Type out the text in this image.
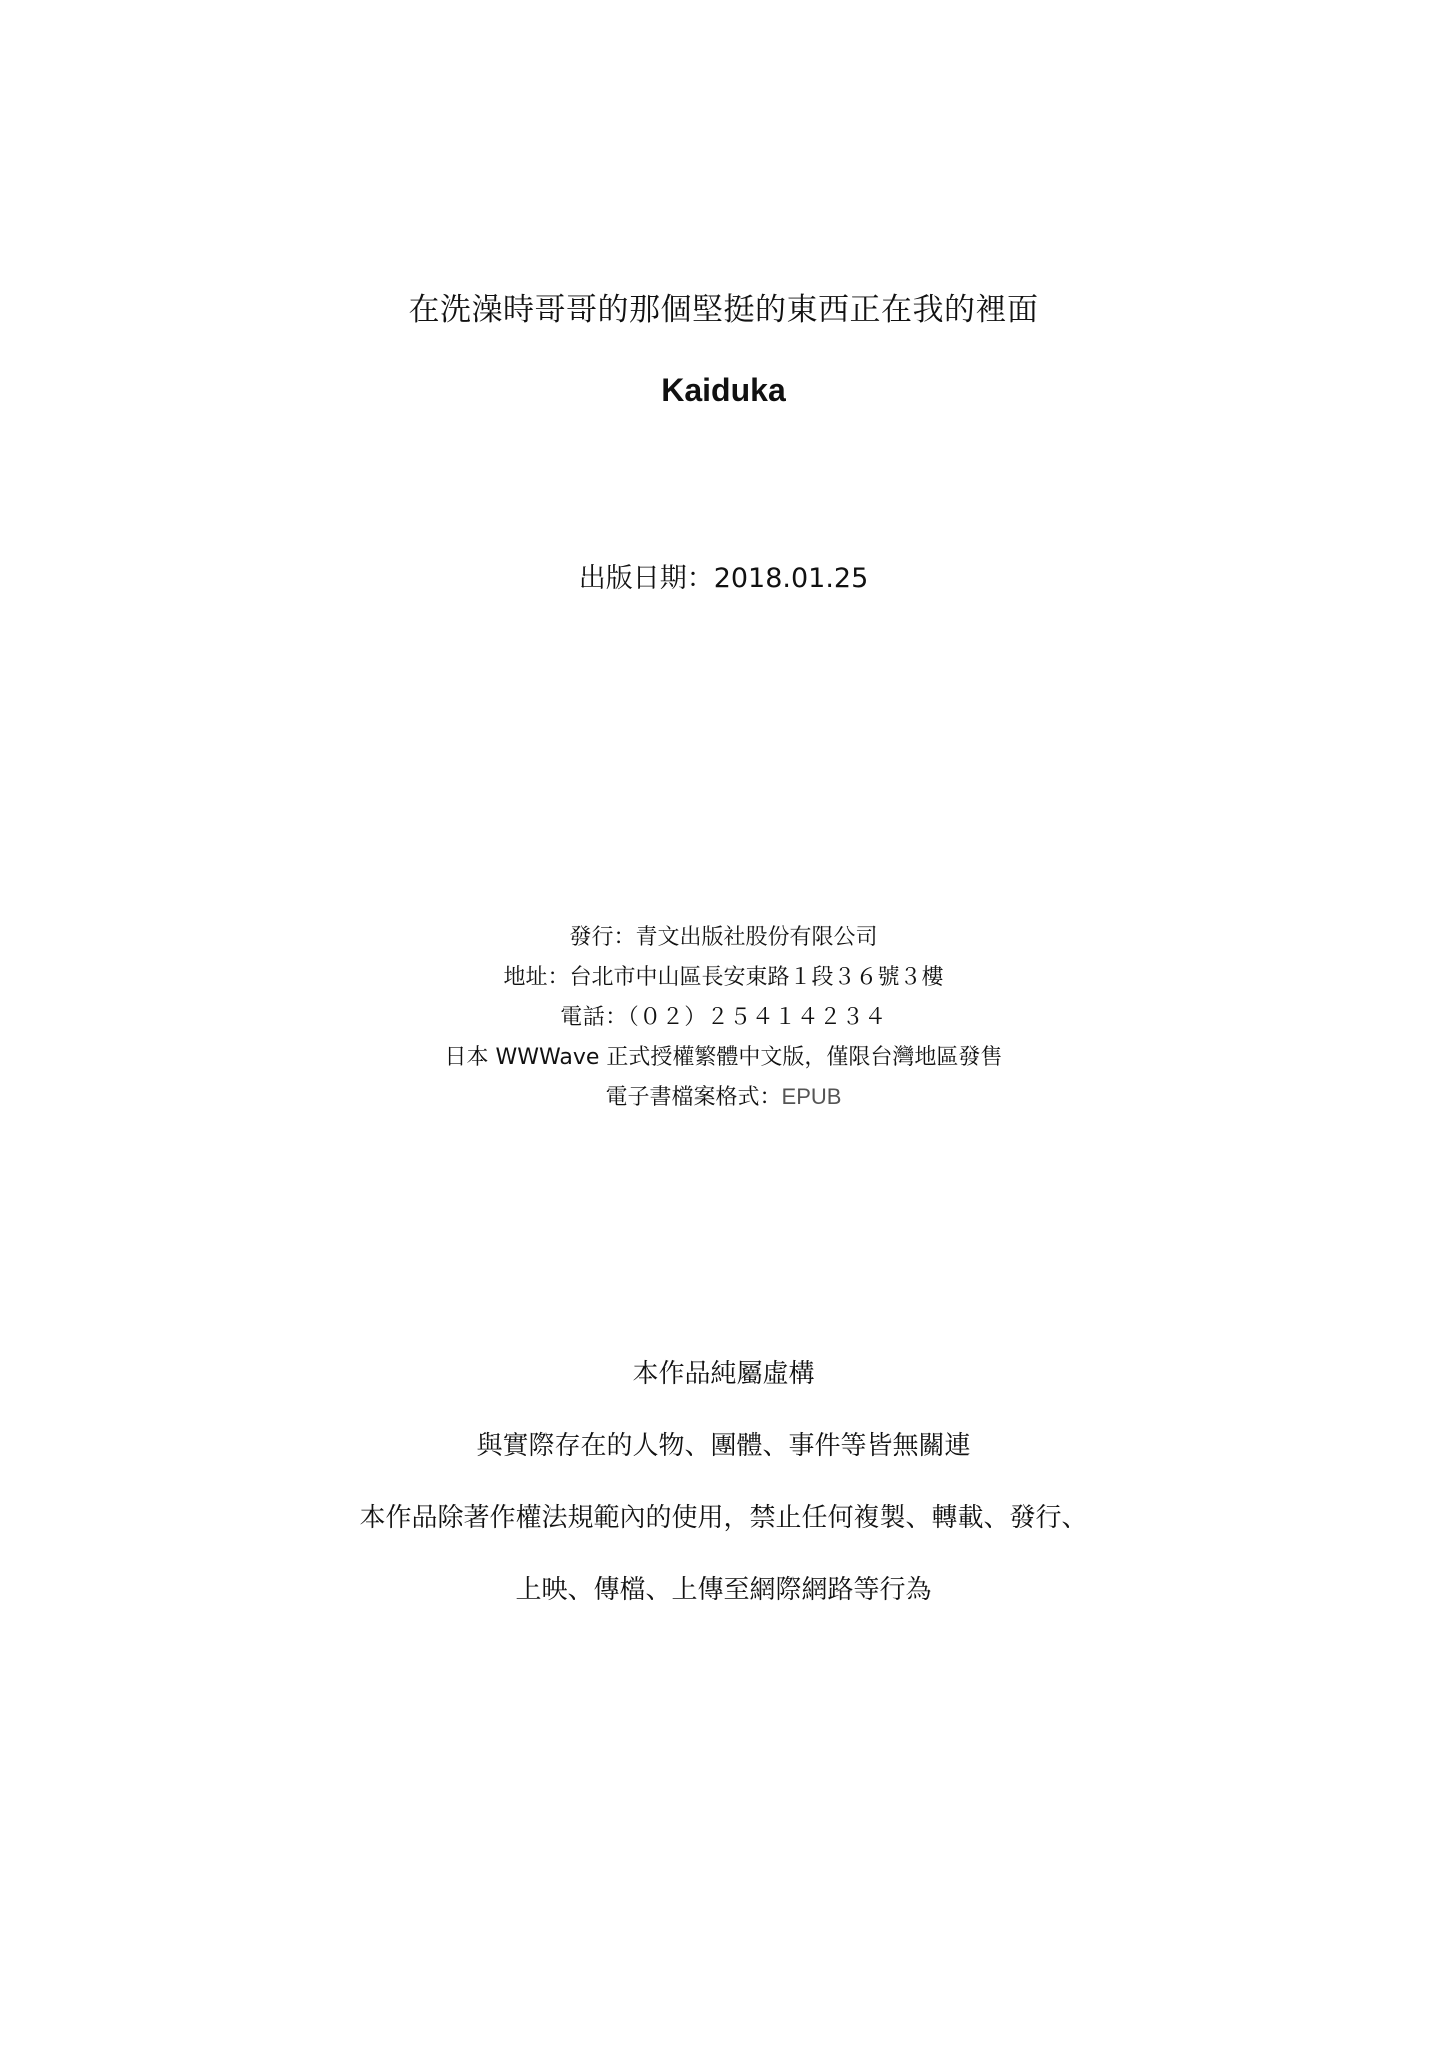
在洗澡時哥哥的那個堅挺的東西正在我的裡面
Kaiduka
出版日期：2018.01.25
發行：青文出版社股份有限公司
地址：台北市中山區長安東路１段３６號３樓
電話：（０２）２５４１４２３４
日本 WWWave 正式授權繁體中文版，僅限台灣地區發售
電子書檔案格式：EPUB
本作品純屬虛構
與實際存在的人物、團體、事件等皆無關連
本作品除著作權法規範內的使用，禁止任何複製、轉載、發行、
上映、傳檔、上傳至網際網路等行為
